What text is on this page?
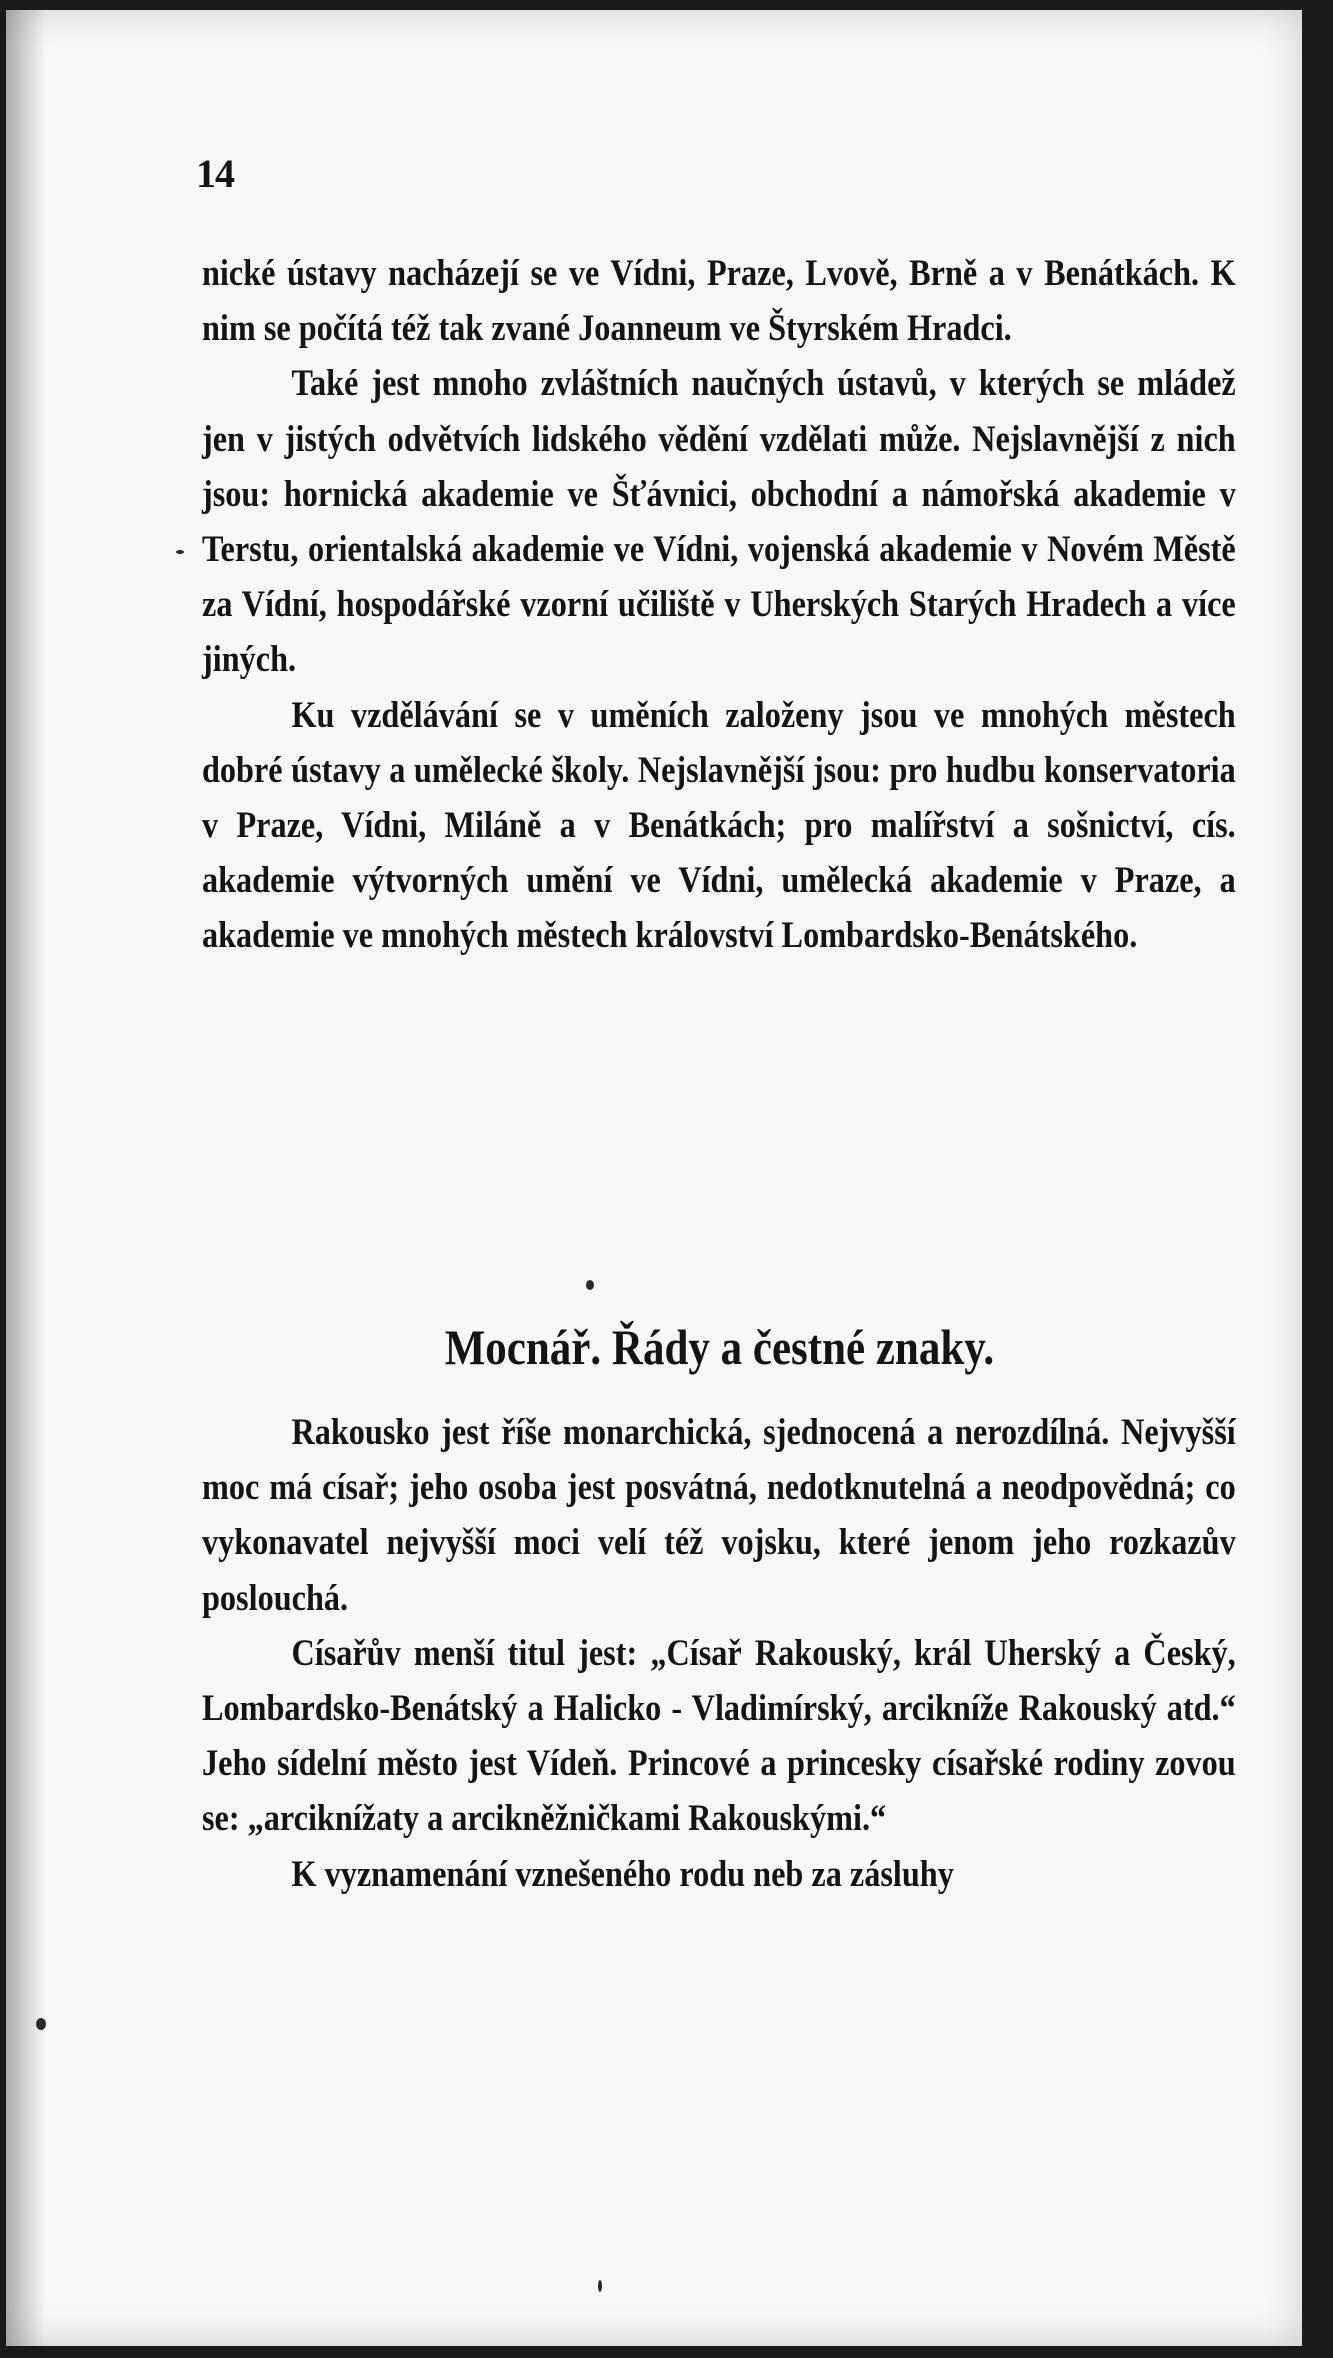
14

nické ústavy nacházejí se ve Vídni, Praze, Lvově, Brně a v Benátkách. K nim se počítá též tak zvané Joanneum ve Štyrském Hradci.

Také jest mnoho zvláštních naučných ústavů, v kterých se mládež jen v jistých odvětvích lidského vědění vzdělati může. Nejslavnější z nich jsou: hornická akademie ve Šťávnici, obchodní a námořská akademie v Terstu, orientalská akademie ve Vídni, vojenská akademie v Novém Městě za Vídní, hospodářské vzorní učiliště v Uherských Starých Hradech a více jiných.

Ku vzdělávání se v uměních založeny jsou ve mnohých městech dobré ústavy a umělecké školy. Nejslavnější jsou: pro hudbu konservatoria v Praze, Vídni, Miláně a v Benátkách; pro malířství a sošnictví, cís. akademie výtvorných umění ve Vídni, umělecká akademie v Praze, a akademie ve mnohých městech království Lombardsko-Benátského.

Mocnář. Řády a čestné znaky.

Rakousko jest říše monarchická, sjednocená a nerozdílná. Nejvyšší moc má císař; jeho osoba jest posvátná, nedotknutelná a neodpovědná; co vykonavatel nejvyšší moci velí též vojsku, které jenom jeho rozkazův poslouchá.

Císařův menší titul jest: „Císař Rakouský, král Uherský a Český, Lombardsko-Benátský a Halicko - Vladimírský, arcikníže Rakouský atd.“ Jeho sídelní město jest Vídeň. Princové a princesky císařské rodiny zovou se: „arciknížaty a arcikněžničkami Rakouskými.“

K vyznamenání vznešeného rodu neb za zásluhy
